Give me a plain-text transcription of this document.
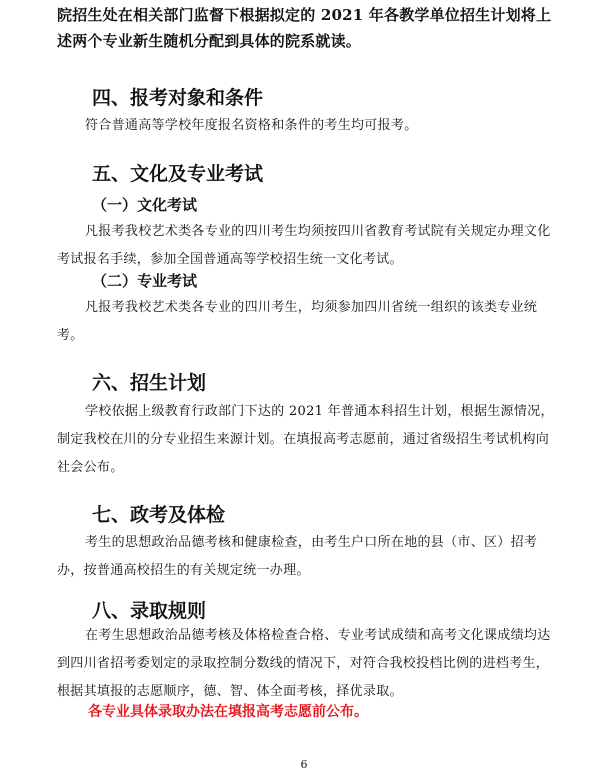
院招生处在相关部门监督下根据拟定的 2021 年各教学单位招生计划将上述两个专业新生随机分配到具体的院系就读。

四、报考对象和条件

符合普通高等学校年度报名资格和条件的考生均可报考。

五、文化及专业考试
（一）文化考试

凡报考我校艺术类各专业的四川考生均须按四川省教育考试院有关规定办理文化考试报名手续，参加全国普通高等学校招生统一文化考试。

（二）专业考试

凡报考我校艺术类各专业的四川考生，均须参加四川省统一组织的该类专业统考。

六、招生计划

学校依据上级教育行政部门下达的 2021 年普通本科招生计划，根据生源情况，制定我校在川的分专业招生来源计划。在填报高考志愿前，通过省级招生考试机构向社会公布。

七、政考及体检

考生的思想政治品德考核和健康检查，由考生户口所在地的县（市、区）招考办，按普通高校招生的有关规定统一办理。

八、录取规则

在考生思想政治品德考核及体格检查合格、专业考试成绩和高考文化课成绩均达到四川省招考委划定的录取控制分数线的情况下，对符合我校投档比例的进档考生，根据其填报的志愿顺序，德、智、体全面考核，择优录取。

各专业具体录取办法在填报高考志愿前公布。

6
